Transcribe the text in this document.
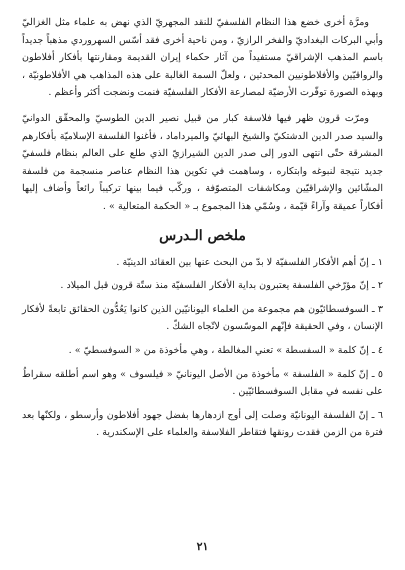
ومرَّة أخرى خضع هذا النظام الفلسفيّ للنقد المجهريّ الذي نهض به علماء مثل الغزاليّ وأبي البركات البغداديّ والفخر الرازيّ ، ومن ناحية أخرى فقد أسّس السهروردي مذهباً جديداً باسم المذهب الإشراقيّ مستفيداً من آثار حكماء إيران القديمة ومقارنتها بأفكار أفلاطون والرواقيّين والأفلاطونيين المحدثين ، ولعلّ السمة الغالبة على هذه المذاهب هي الأفلاطونيّة ، وبهذه الصورة توفّرت الأرضيّة لمصارعة الأفكار الفلسفيّة فنمت ونضجت أكثر وأعظم .

ومرّت قرون ظهر فيها فلاسفة كبار من قبيل نصير الدين الطوسيّ والمحقّق الدوانيّ والسيد صدر الدين الدشتكيّ والشيخ البهائيّ والميرداماد ، فأغنوا الفلسفة الإسلاميّة بأفكارهم المشرقة حتّى انتهى الدور إلى صدر الدين الشيرازيّ الذي طلع على العالم بنظام فلسفيّ جديد نتيجة لنبوغه وابتكاره ، وساهمت في تكوين هذا النظام عناصر منسجمة من فلسفة المشّائين والإشراقيّين ومكاشفات المتصوّفة ، وركّب فيما بينها تركيباً رائعاً وأضاف إليها أفكاراً عميقة وآراءً قيّمة ، وسُمّي هذا المجموع بـ « الحكمة المتعالية » .

ملخص الـدرس

١ ـ إنّ أهم الأفكار الفلسفيّة لا بدّ من البحث عنها بين العقائد الدينيّة .

٢ ـ إنّ مؤرّخي الفلسفة يعتبرون بداية الأفكار الفلسفيّة منذ ستّة قرون قبل الميلاد .

٣ ـ السوفسطائيّون هم مجموعة من العلماء اليونانيّين الذين كانوا يَعُدُّون الحقائق تابعةً لأفكار الإنسان ، وفي الحقيقة فإنّهم الموسّسون لاتّجاه الشكّ .

٤ ـ إنّ كلمة « السفسطة » تعني المغالطة ، وهي مأخوذة من « السوفسطيّ » .

٥ ـ إنّ كلمة « الفلسفة » مأخوذة من الأصل اليونانيّ « فيلسوف » وهو اسم أطلقه سقراطُ على نفسه في مقابل السوفسطائيّين .

٦ ـ إنّ الفلسفة اليونانيّة وصلت إلى أوج ازدهارها بفضل جهود أفلاطون وأرسطو ، ولكنّها بعد فترة من الزمن فقدت رونقها فتقاطر الفلاسفة والعلماء على الإسكندرية .

٢١
